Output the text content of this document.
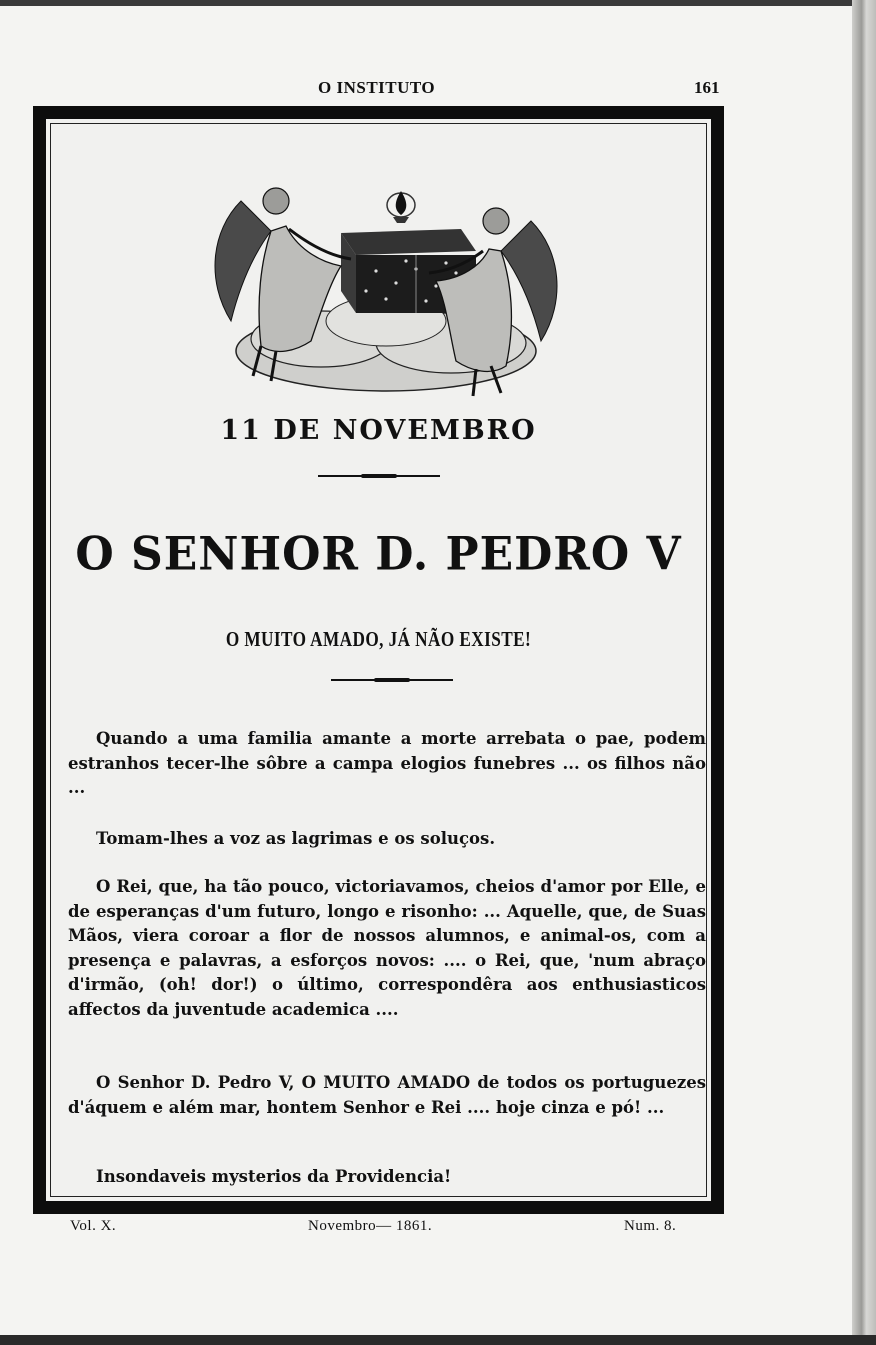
O INSTITUTO	161
11 DE NOVEMBRO
O SENHOR D. PEDRO V
O MUITO AMADO, JÁ NÃO EXISTE!
Quando a uma familia amante a morte arrebata o pae, podem estranhos tecer-lhe sôbre a campa elogios funebres ... os filhos não ...
Tomam-lhes a voz as lagrimas e os soluços.
O Rei, que, ha tão pouco, victoriavamos, cheios d'amor por Elle, e de esperanças d'um futuro, longo e risonho: ... Aquelle, que, de Suas Mãos, viera coroar a flor de nossos alumnos, e animal-os, com a presença e palavras, a esforços novos: .... o Rei, que, 'num abraço d'irmão, (oh! dor!) o último, correspondêra aos enthusiasticos affectos da juventude academica ....
O Senhor D. Pedro V, O MUITO AMADO de todos os portuguezes d'áquem e além mar, hontem Senhor e Rei .... hoje cinza e pó! ...
Insondaveis mysterios da Providencia!
Vol. X.	Novembro— 1861.	Num. 8.
